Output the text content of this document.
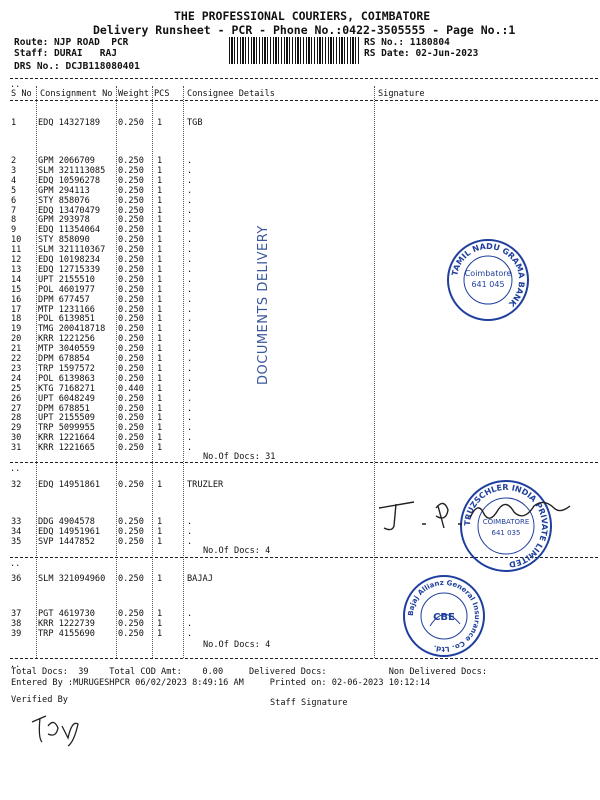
THE PROFESSIONAL COURIERS, COIMBATORE
Delivery Runsheet - PCR - Phone No.:0422-3505555 - Page No.:1
Route: NJP ROAD  PCR
Staff: DURAI   RAJ
DRS No.: DCJB118080401
RS No.: 1180804
RS Date: 02-Jun-2023
..
S No Consignment No Weight PCS Consignee Details	Signature
1	EDQ 14327189 0.250 1	TGB
2	GPM 2066709	0.250 1	.
3	SLM 321113085 0.250 1	.
4	EDQ 10596278 0.250 1	.
5	GPM 294113	0.250 1	.
6	STY 858076	0.250 1	.
7	EDQ 13470479 0.250 1	.
8	GPM 293978	0.250 1	.
9	EDQ 11354064 0.250 1	.
10 STY 858090	0.250 1	.
11 SLM 321110367 0.250 1	.
12 EDQ 10198234 0.250 1	.
13 EDQ 12715339 0.250 1	.
14 UPT 2155510	0.250 1	.
15 POL 4601977	0.250 1	.
16 DPM 677457	0.250 1	.
17 MTP 1231166	0.250 1	.
18 POL 6139851	0.250 1	.
19 TMG 200418718 0.250 1	.
20 KRR 1221256	0.250 1	.
21 MTP 3040559	0.250 1	.
22 DPM 678854	0.250 1	.
23 TRP 1597572	0.250 1	.
24 POL 6139863	0.250 1	.
25 KTG 7168271	0.440 1	.
26 UPT 6048249	0.250 1	.
27 DPM 678851	0.250 1	.
28 UPT 2155509	0.250 1	.
29 TRP 5099955	0.250 1	.
30 KRR 1221664	0.250 1	.
31 KRR 1221665	0.250 1	.
No.Of Docs: 31
..
32 EDQ 14951861 0.250 1	TRUZLER
33 DDG 4904578	0.250 1	.
34 EDQ 14951961 0.250 1	.
35 SVP 1447852	0.250 1	.
No.Of Docs: 4
..
36 SLM 321094960 0.250 1	BAJAJ
37 PGT 4619730	0.250 1	.
38 KRR 1222739	0.250 1	.
39 TRP 4155690	0.250 1	.
No.Of Docs: 4
DOCUMENTS DELIVERY	TAMIL NADU GRAMA BANK
Coimbatore
641 045
TRUZSCHLER INDIA PRIVATE LIMITED
COIMBATORE
641 035
Bajaj Allianz General Insurance Co. Ltd.
CBE
..
Total Docs:  39    Total COD Amt:    0.00     Delivered Docs:            Non Delivered Docs:
Entered By :MURUGESHPCR 06/02/2023 8:49:16 AM     Printed on: 02-06-2023 10:12:14
Verified By	Staff Signature
